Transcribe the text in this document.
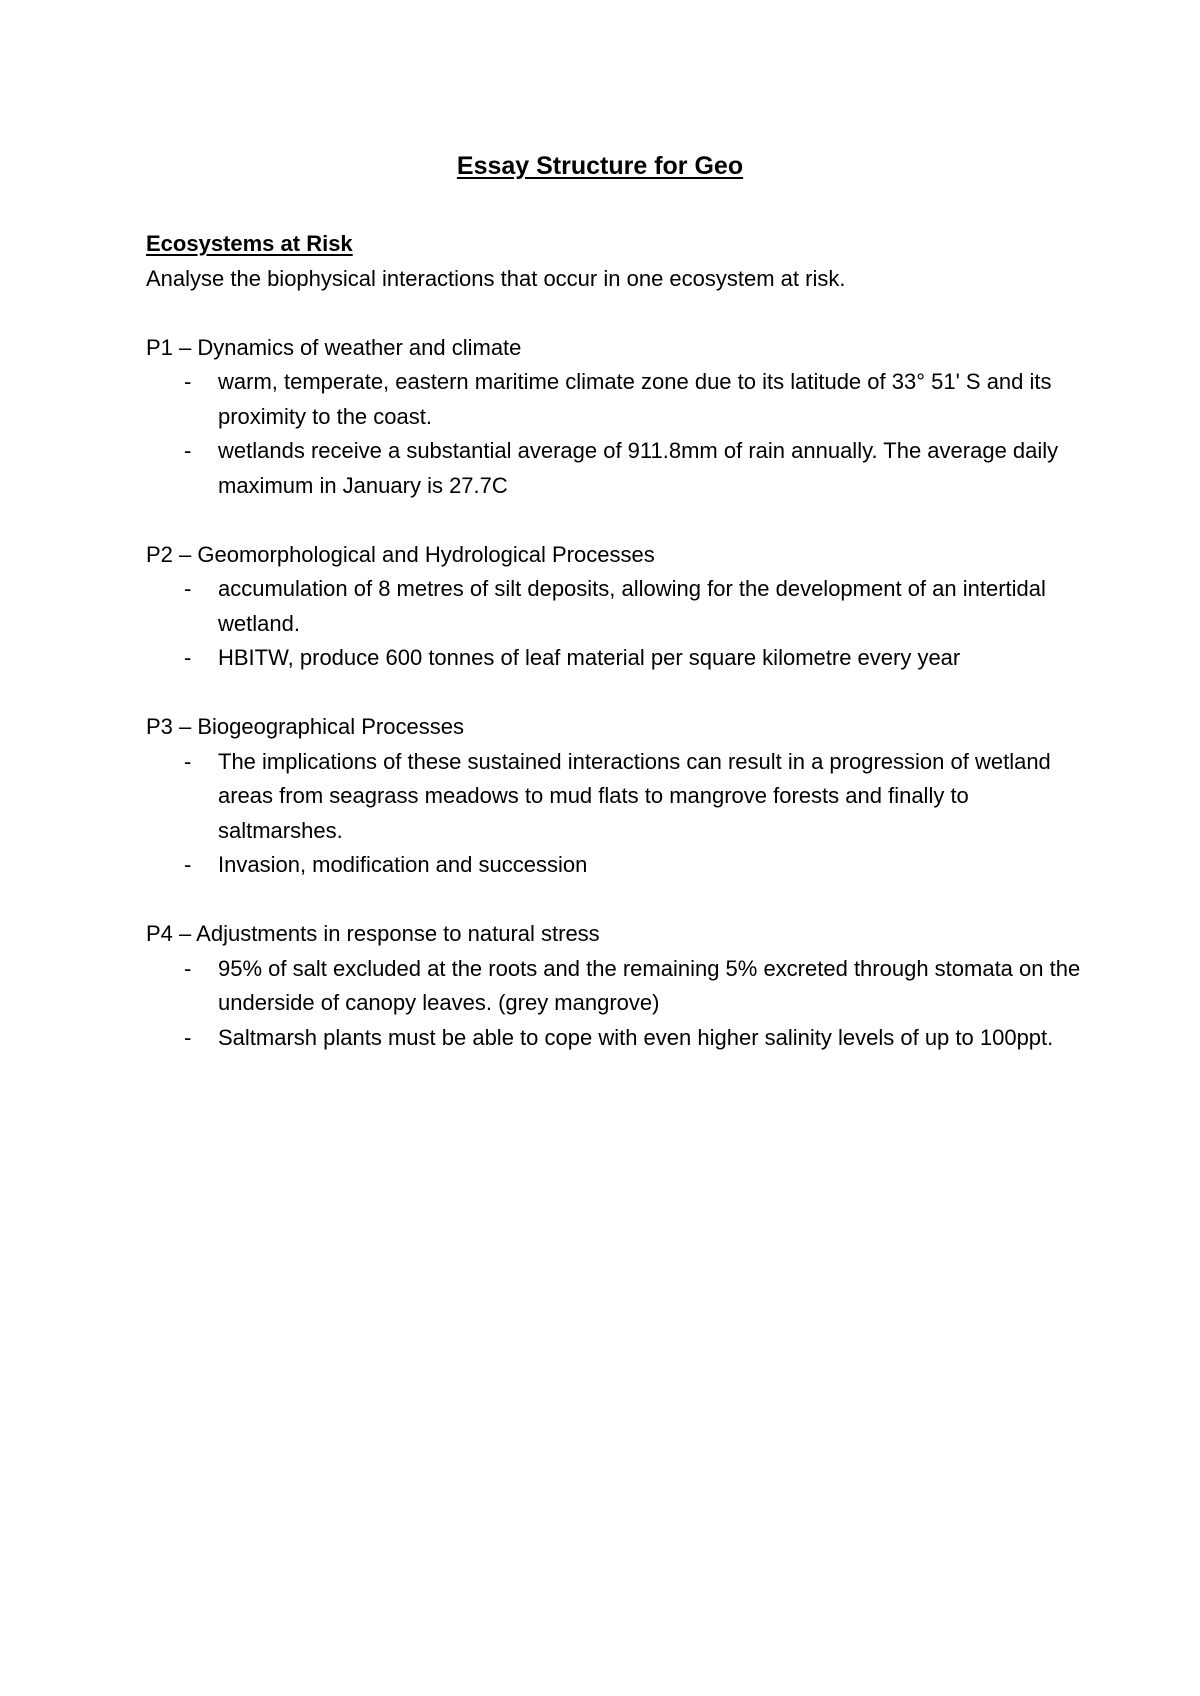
Essay Structure for Geo

Ecosystems at Risk

Analyse the biophysical interactions that occur in one ecosystem at risk.

P1 – Dynamics of weather and climate

- warm, temperate, eastern maritime climate zone due to its latitude of 33° 51' S and its proximity to the coast.
- wetlands receive a substantial average of 911.8mm of rain annually. The average daily maximum in January is 27.7C

P2 – Geomorphological and Hydrological Processes

- accumulation of 8 metres of silt deposits, allowing for the development of an intertidal wetland.
- HBITW, produce 600 tonnes of leaf material per square kilometre every year

P3 – Biogeographical Processes

- The implications of these sustained interactions can result in a progression of wetland areas from seagrass meadows to mud flats to mangrove forests and finally to saltmarshes.
- Invasion, modification and succession

P4 – Adjustments in response to natural stress

- 95% of salt excluded at the roots and the remaining 5% excreted through stomata on the underside of canopy leaves. (grey mangrove)
- Saltmarsh plants must be able to cope with even higher salinity levels of up to 100ppt.
